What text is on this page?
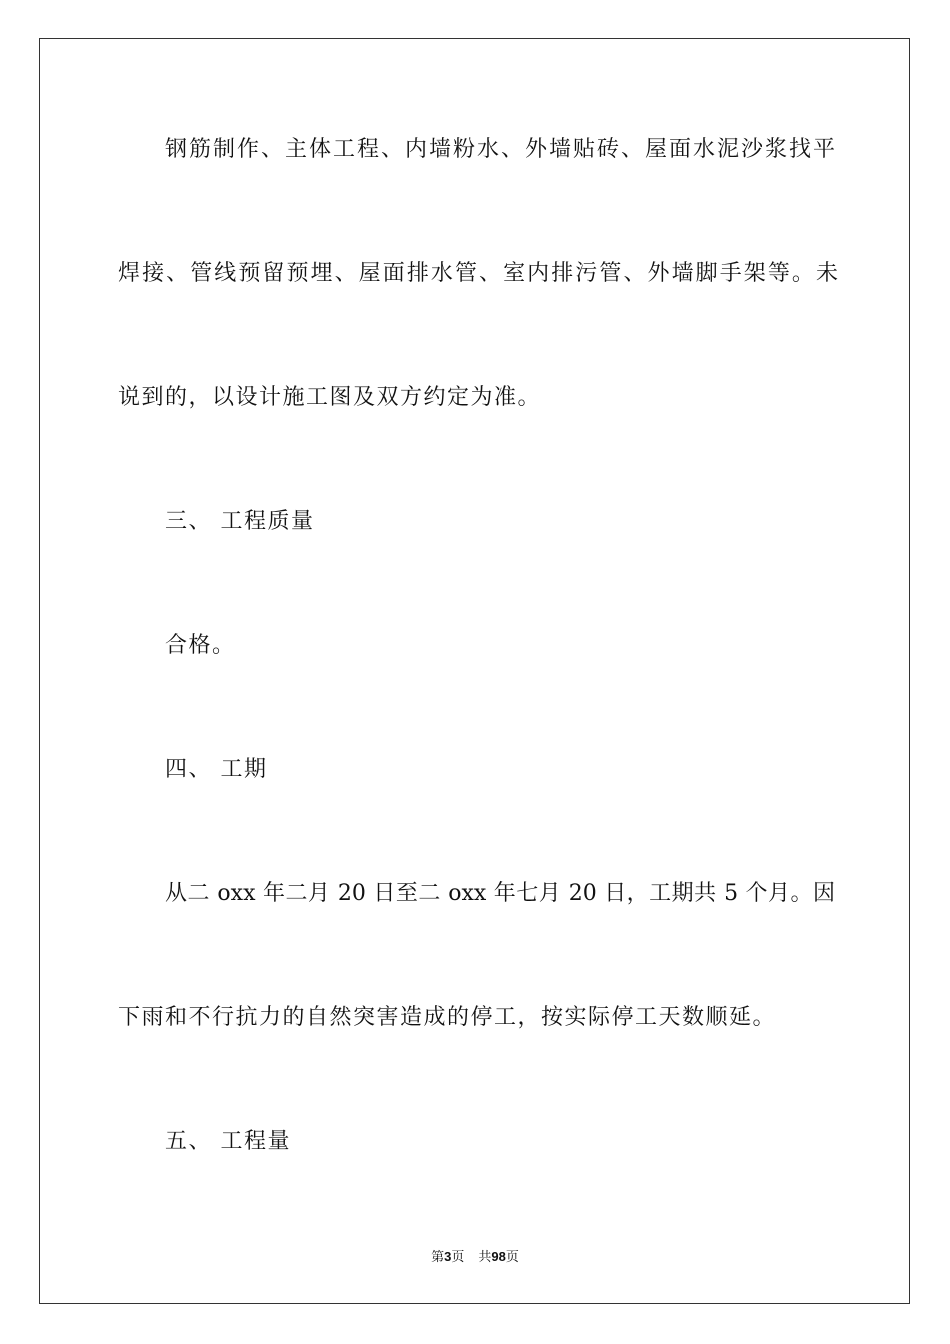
钢筋制作、主体工程、内墙粉水、外墙贴砖、屋面水泥沙浆找平
焊接、管线预留预埋、屋面排水管、室内排污管、外墙脚手架等。未
说到的，以设计施工图及双方约定为准。
三、 工程质量
合格。
四、 工期
从二 oxx 年二月 20 日至二 oxx 年七月 20 日，工期共 5 个月。因
下雨和不行抗力的自然突害造成的停工，按实际停工天数顺延。
五、 工程量
第3页 共98页
